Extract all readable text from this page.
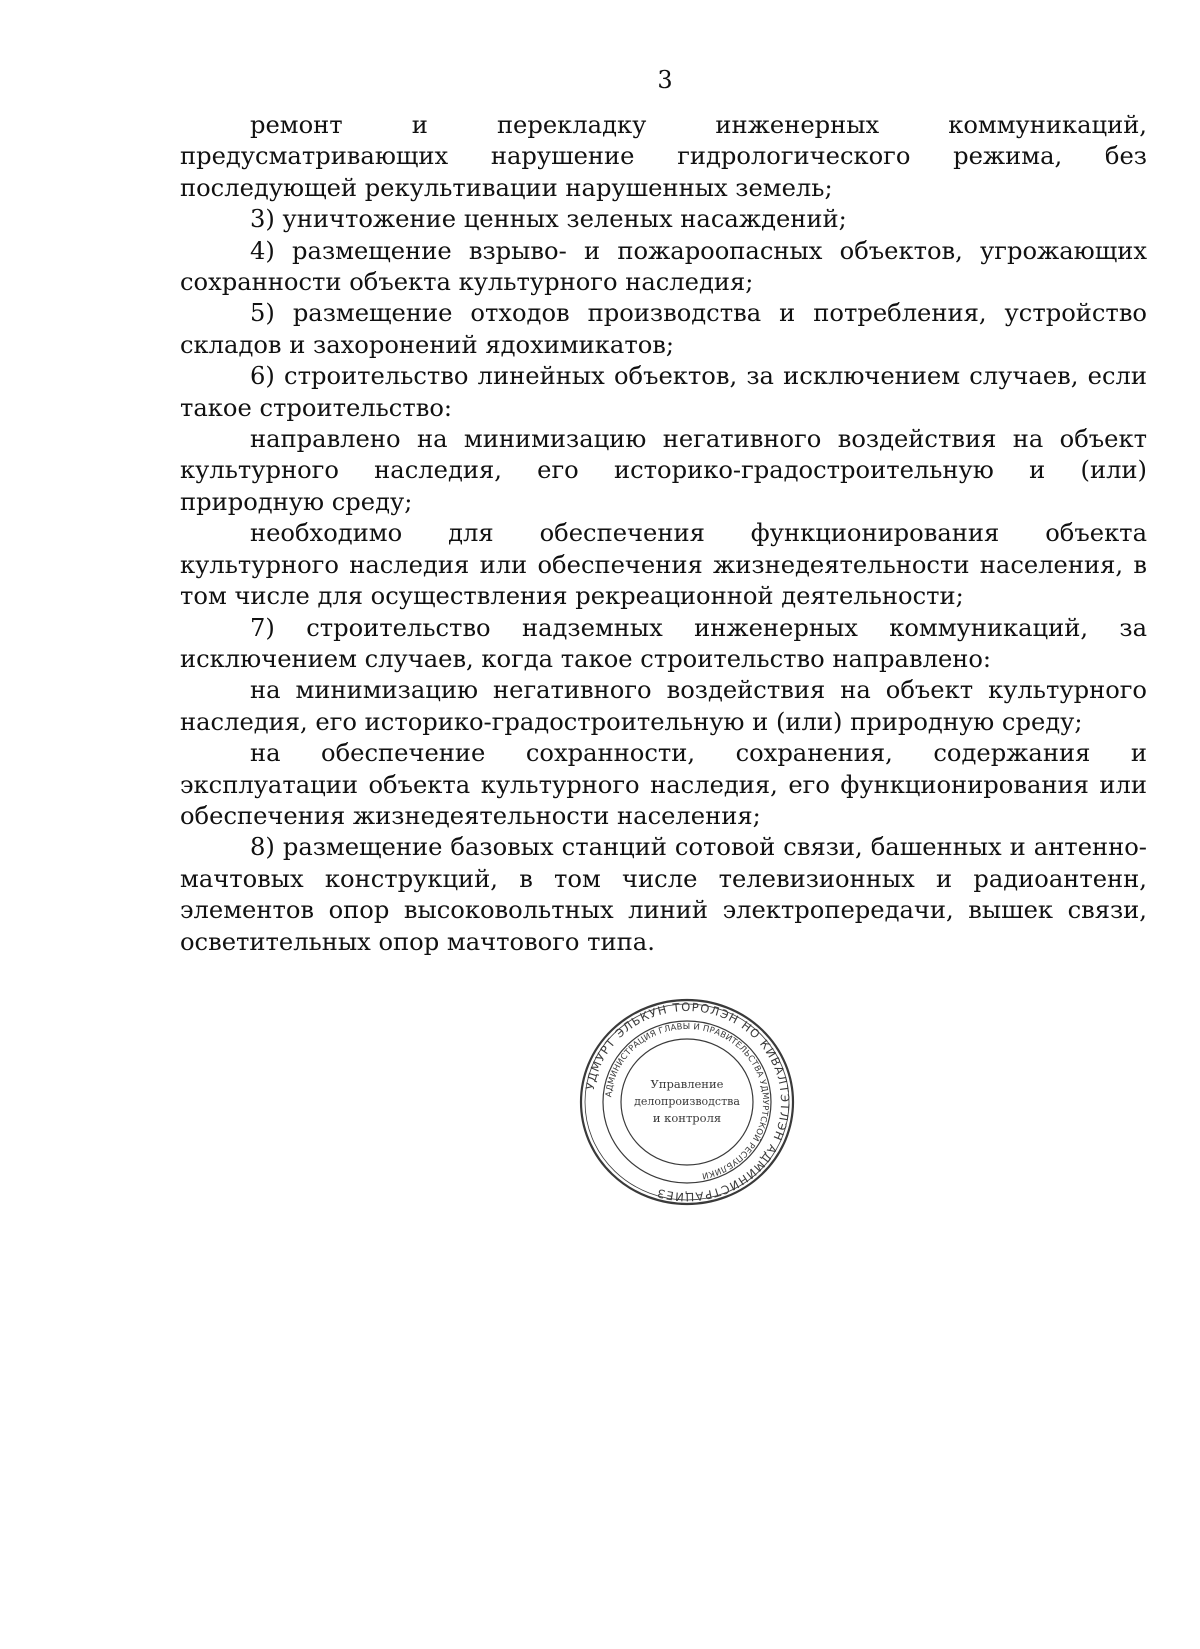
3

ремонт и перекладку инженерных коммуникаций, предусматривающих нарушение гидрологического режима, без последующей рекультивации нарушенных земель;

3) уничтожение ценных зеленых насаждений;

4) размещение взрыво- и пожароопасных объектов, угрожающих сохранности объекта культурного наследия;

5) размещение отходов производства и потребления, устройство складов и захоронений ядохимикатов;

6) строительство линейных объектов, за исключением случаев, если такое строительство:

направлено на минимизацию негативного воздействия на объект культурного наследия, его историко-градостроительную и (или) природную среду;

необходимо для обеспечения функционирования объекта культурного наследия или обеспечения жизнедеятельности населения, в том числе для осуществления рекреационной деятельности;

7) строительство надземных инженерных коммуникаций, за исключением случаев, когда такое строительство направлено:

на минимизацию негативного воздействия на объект культурного наследия, его историко-градостроительную и (или) природную среду;

на обеспечение сохранности, сохранения, содержания и эксплуатации объекта культурного наследия, его функционирования или обеспечения жизнедеятельности населения;

8) размещение базовых станций сотовой связи, башенных и антенно-мачтовых конструкций, в том числе телевизионных и радиоантенн, элементов опор высоковольтных линий электропередачи, вышек связи, осветительных опор мачтового типа.

УДМУРТ ЭЛЬКУН ТОРОЛЭН НО КИВАЛТЭТЛЭН АДМИНИСТРАЦИЕЗ
АДМИНИСТРАЦИЯ ГЛАВЫ И ПРАВИТЕЛЬСТВА УДМУРТСКОЙ РЕСПУБЛИКИ
Управление
делопроизводства
и контроля
